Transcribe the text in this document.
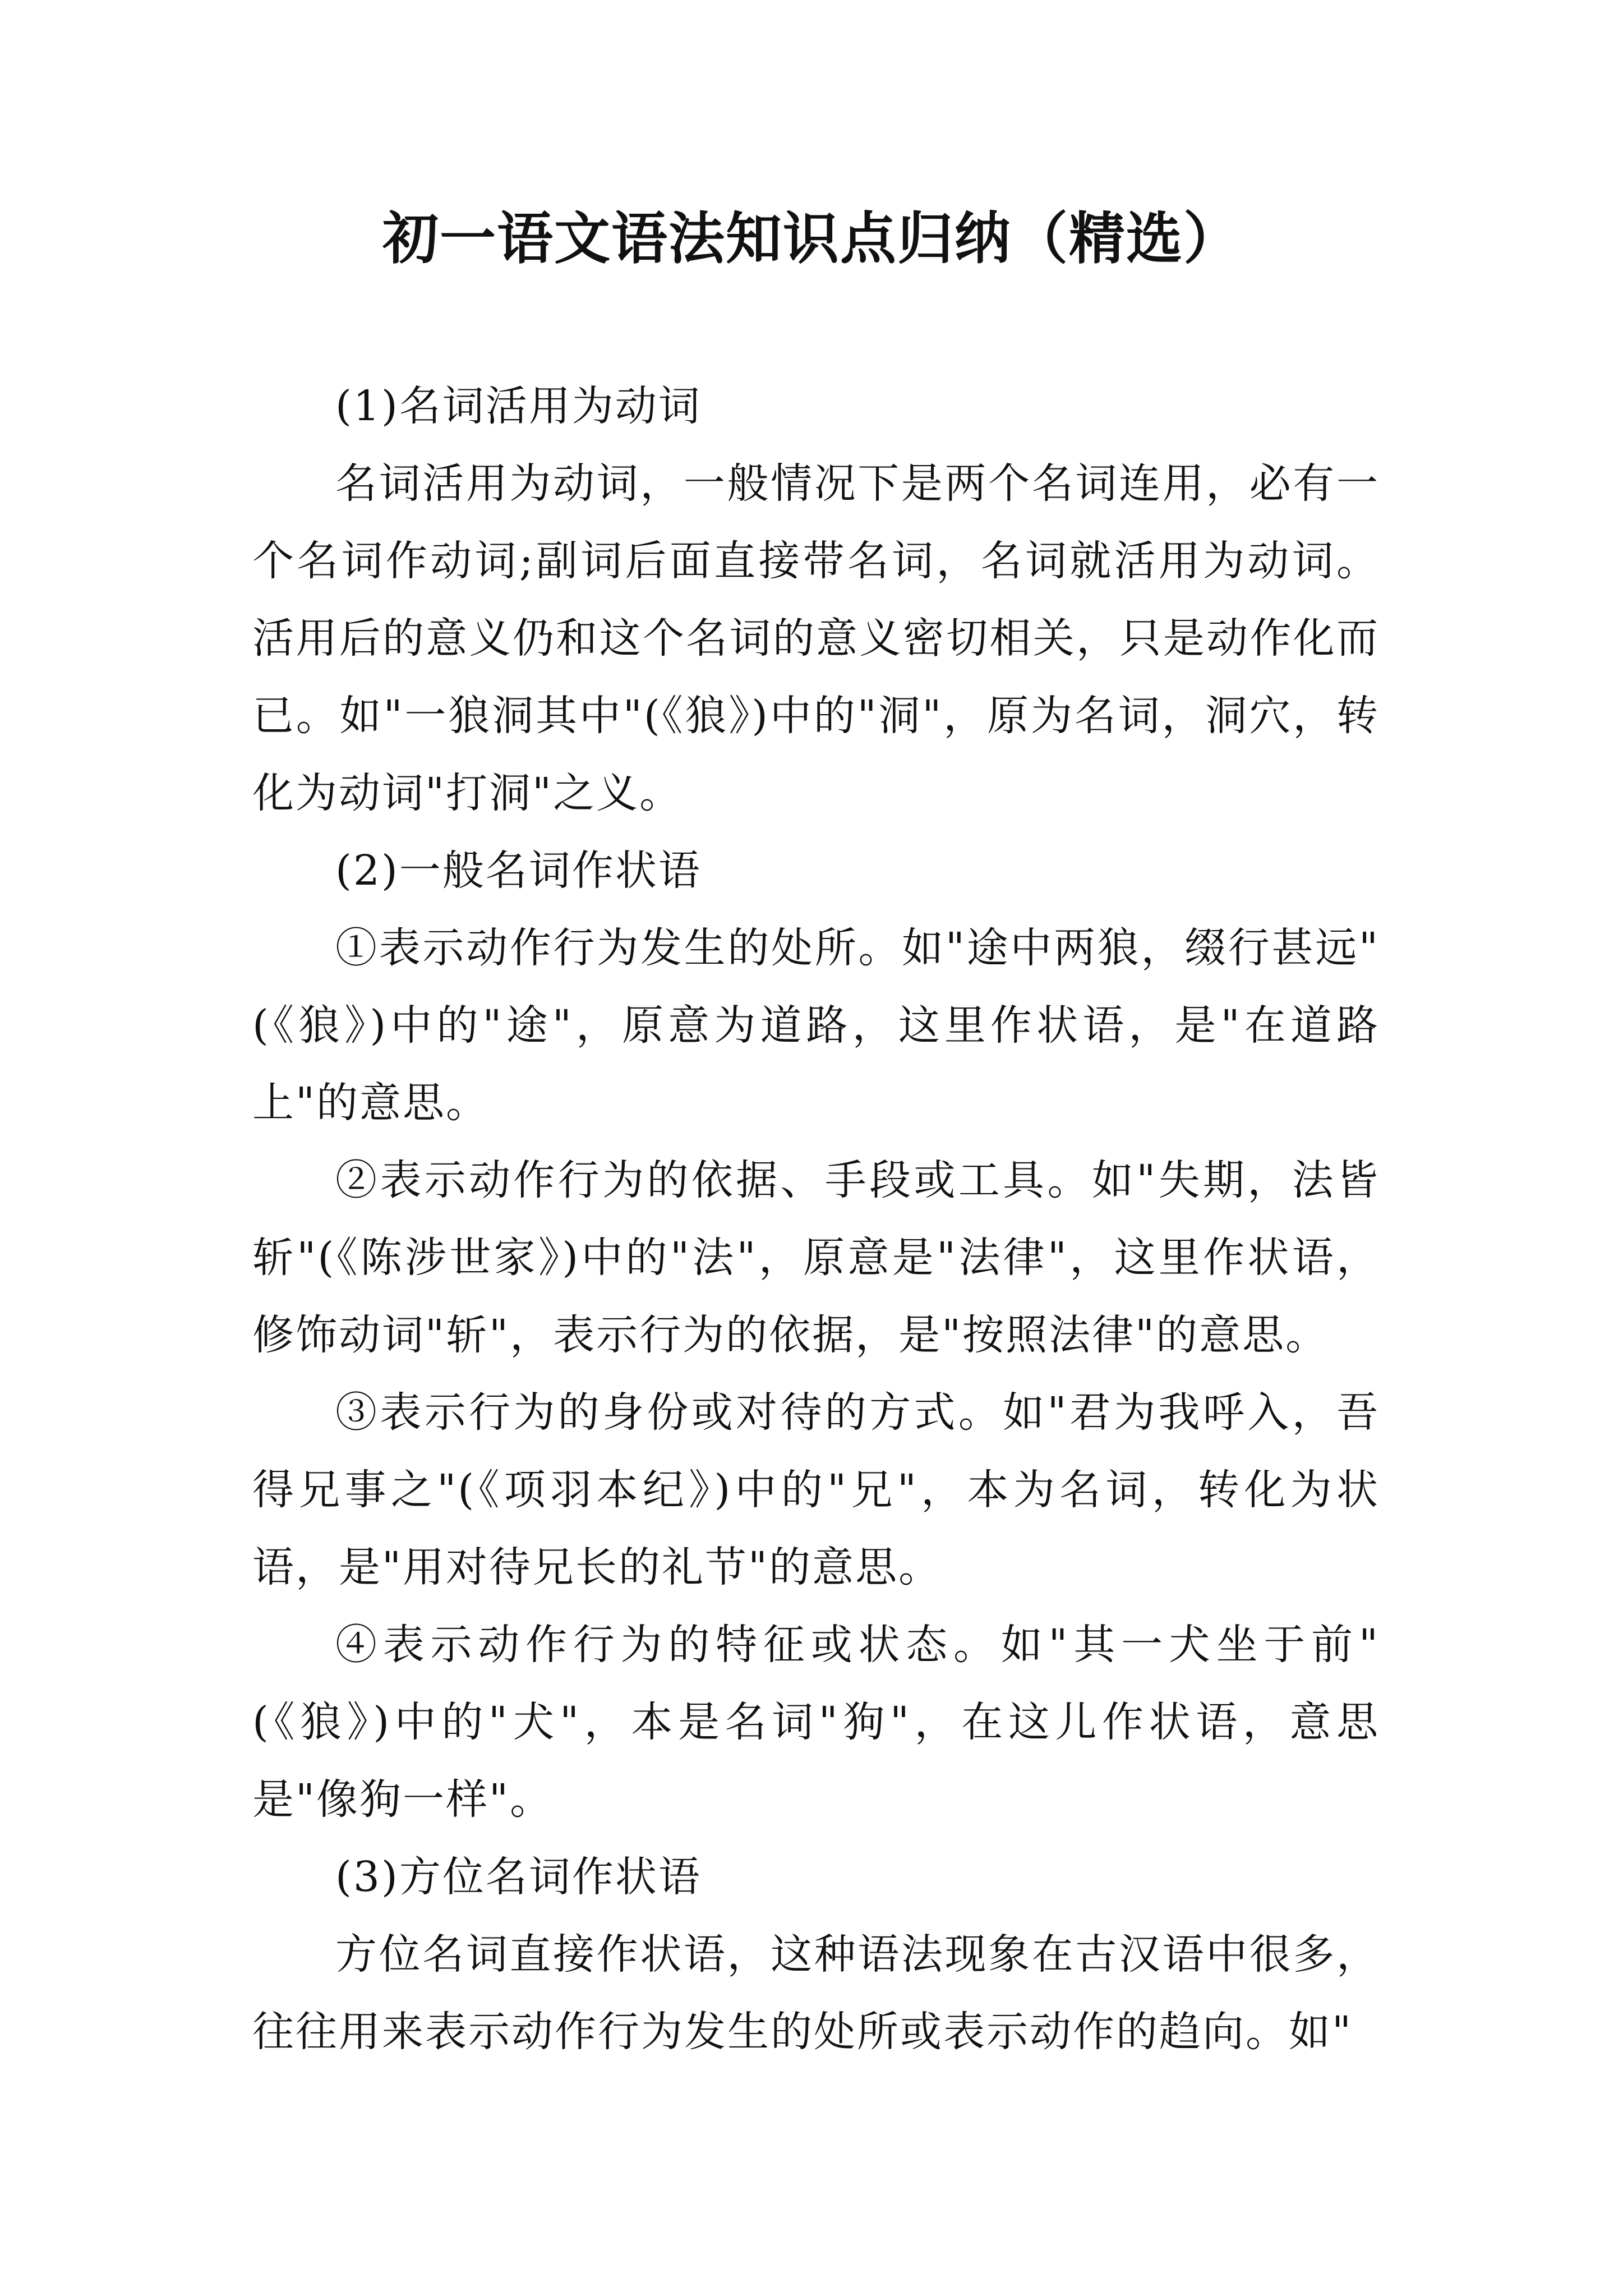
初一语文语法知识点归纳（精选）

(1)名词活用为动词

名词活用为动词，一般情况下是两个名词连用，必有一个名词作动词;副词后面直接带名词，名词就活用为动词。活用后的意义仍和这个名词的意义密切相关，只是动作化而已。如"一狼洞其中"(《狼》)中的"洞"，原为名词，洞穴，转化为动词"打洞"之义。

(2)一般名词作状语

①表示动作行为发生的处所。如"途中两狼，缀行甚远"(《狼》)中的"途"，原意为道路，这里作状语，是"在道路上"的意思。

②表示动作行为的依据、手段或工具。如"失期，法皆斩"(《陈涉世家》)中的"法"，原意是"法律"，这里作状语，修饰动词"斩"，表示行为的依据，是"按照法律"的意思。

③表示行为的身份或对待的方式。如"君为我呼入，吾得兄事之"(《项羽本纪》)中的"兄"，本为名词，转化为状语，是"用对待兄长的礼节"的意思。

④表示动作行为的特征或状态。如"其一犬坐于前"(《狼》)中的"犬"，本是名词"狗"，在这儿作状语，意思是"像狗一样"。

(3)方位名词作状语

方位名词直接作状语，这种语法现象在古汉语中很多，往往用来表示动作行为发生的处所或表示动作的趋向。如"
